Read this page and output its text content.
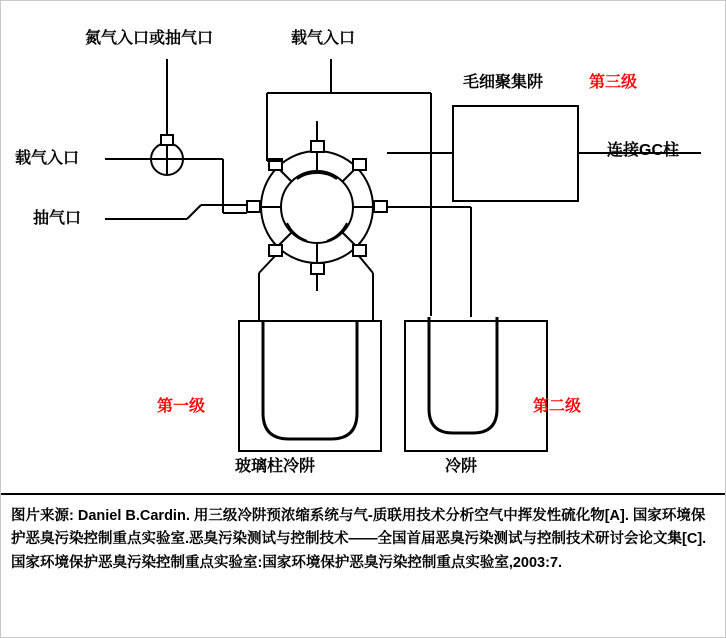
氮气入口或抽气口	载气入口
载气入口
抽气口
毛细聚集阱	第三级
连接GC柱
第一级	第二级
玻璃柱冷阱	冷阱
图片来源: Daniel B.Cardin. 用三级冷阱预浓缩系统与气-质联用技术分析空气中挥发性硫化物[A]. 国家环境保护恶臭污染控制重点实验室.恶臭污染测试与控制技术——全国首届恶臭污染测试与控制技术研讨会论文集[C].国家环境保护恶臭污染控制重点实验室:国家环境保护恶臭污染控制重点实验室,2003:7.
